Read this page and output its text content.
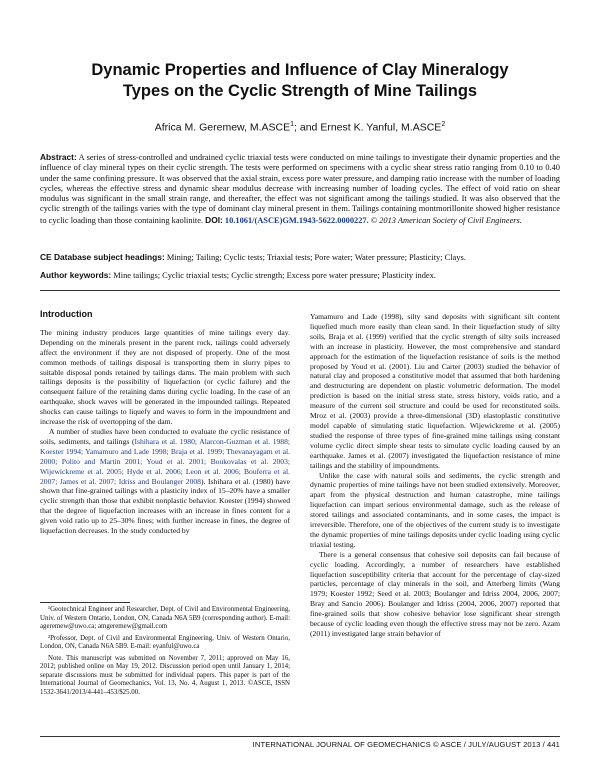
Dynamic Properties and Influence of Clay Mineralogy
Types on the Cyclic Strength of Mine Tailings
Africa M. Geremew, M.ASCE$^1$; and Ernest K. Yanful, M.ASCE$^2$
Abstract: A series of stress-controlled and undrained cyclic triaxial tests were conducted on mine tailings to investigate their dynamic properties and the influence of clay mineral types on their cyclic strength. The tests were performed on specimens with a cyclic shear stress ratio ranging from 0.10 to 0.40 under the same confining pressure. It was observed that the axial strain, excess pore water pressure, and damping ratio increase with the number of loading cycles, whereas the effective stress and dynamic shear modulus decrease with increasing number of loading cycles. The effect of void ratio on shear modulus was significant in the small strain range, and thereafter, the effect was not significant among the tailings studied. It was also observed that the cyclic strength of the tailings varies with the type of dominant clay mineral present in them. Tailings containing montmorillonite showed higher resistance to cyclic loading than those containing kaolinite. DOI: 10.1061/(ASCE)GM.1943-5622.0000227. © 2013 American Society of Civil Engineers.
CE Database subject headings: Mining; Tailing; Cyclic tests; Triaxial tests; Pore water; Water pressure; Plasticity; Clays.
Author keywords: Mine tailings; Cyclic triaxial tests; Cyclic strength; Excess pore water pressure; Plasticity index.
Introduction

The mining industry produces large quantities of mine tailings every day. Depending on the minerals present in the parent rock, tailings could adversely affect the environment if they are not disposed of properly. One of the most common methods of tailings disposal is transporting them in slurry pipes to suitable disposal ponds retained by tailings dams. The main problem with such tailings deposits is the possibility of liquefaction (or cyclic failure) and the consequent failure of the retaining dams during cyclic loading. In the case of an earthquake, shock waves will be generated in the impounded tailings. Repeated shocks can cause tailings to liquefy and waves to form in the impoundment and increase the risk of overtopping of the dam.

A number of studies have been conducted to evaluate the cyclic resistance of soils, sediments, and tailings (Ishihara et al. 1980; Alarcon-Guzman et al. 1988; Koester 1994; Yamamuro and Lade 1998; Braja et al. 1999; Thevanayagam et al. 2000; Polito and Martin 2001; Youd et al. 2001; Boukovalas et al. 2003; Wijewickreme et al. 2005; Hyde et al. 2006; Leon et al. 2006; Bouferra et al. 2007; James et al. 2007; Idriss and Boulanger 2008). Ishihara et al. (1980) have shown that fine-grained tailings with a plasticity index of 15–20% have a smaller cyclic strength than those that exhibit nonplastic behavior. Koester (1994) showed that the degree of liquefaction increases with an increase in fines content for a given void ratio up to 25–30% fines; with further increase in fines, the degree of liquefaction decreases. In the study conducted by

¹Geotechnical Engineer and Researcher, Dept. of Civil and Environmental Engineering, Univ. of Western Ontario, London, ON, Canada N6A 5B9 (corresponding author). E-mail: ageremew@uwo.ca; amgeremew@gmail.com

²Professor, Dept. of Civil and Environmental Engineering, Univ. of Western Ontario, London, ON, Canada N6A 5B9. E-mail: eyanful@uwo.ca

Note. This manuscript was submitted on November 7, 2011; approved on May 16, 2012; published online on May 19, 2012. Discussion period open until January 1, 2014; separate discussions must be submitted for individual papers. This paper is part of the International Journal of Geomechanics, Vol. 13, No. 4, August 1, 2013. ©ASCE, ISSN 1532-3641/2013/4-441–453/$25.00.

Yamamuro and Lade (1998), silty sand deposits with significant silt content liquefied much more easily than clean sand. In their liquefaction study of silty soils, Braja et al. (1999) verified that the cyclic strength of silty soils increased with an increase in plasticity. However, the most comprehensive and standard approach for the estimation of the liquefaction resistance of soils is the method proposed by Youd et al. (2001). Liu and Carter (2003) studied the behavior of natural clay and proposed a constitutive model that assumed that both hardening and destructuring are dependent on plastic volumetric deformation. The model prediction is based on the initial stress state, stress history, voids ratio, and a measure of the current soil structure and could be used for reconstituted soils. Mroz et al. (2003) provide a three-dimensional (3D) elastoplastic constitutive model capable of simulating static liquefaction. Wijewickreme et al. (2005) studied the response of three types of fine-grained mine tailings using constant volume cyclic direct simple shear tests to simulate cyclic loading caused by an earthquake. James et al. (2007) investigated the liquefaction resistance of mine tailings and the stability of impoundments.

Unlike the case with natural soils and sediments, the cyclic strength and dynamic properties of mine tailings have not been studied extensively. Moreover, apart from the physical destruction and human catastrophe, mine tailings liquefaction can impart serious environmental damage, such as the release of stored tailings and associated contaminants, and in some cases, the impact is irreversible. Therefore, one of the objectives of the current study is to investigate the dynamic properties of mine tailings deposits under cyclic loading using cyclic triaxial testing.

There is a general consensus that cohesive soil deposits can fail because of cyclic loading. Accordingly, a number of researchers have established liquefaction susceptibility criteria that account for the percentage of clay-sized particles, percentage of clay minerals in the soil, and Atterberg limits (Wang 1979; Koester 1992; Seed et al. 2003; Boulanger and Idriss 2004, 2006, 2007; Bray and Sancio 2006). Boulanger and Idriss (2004, 2006, 2007) reported that fine-grained soils that show cohesive behavior lose significant shear strength because of cyclic loading even though the effective stress may not be zero. Azam (2011) investigated large strain behavior of

INTERNATIONAL JOURNAL OF GEOMECHANICS © ASCE / JULY/AUGUST 2013 / 441
